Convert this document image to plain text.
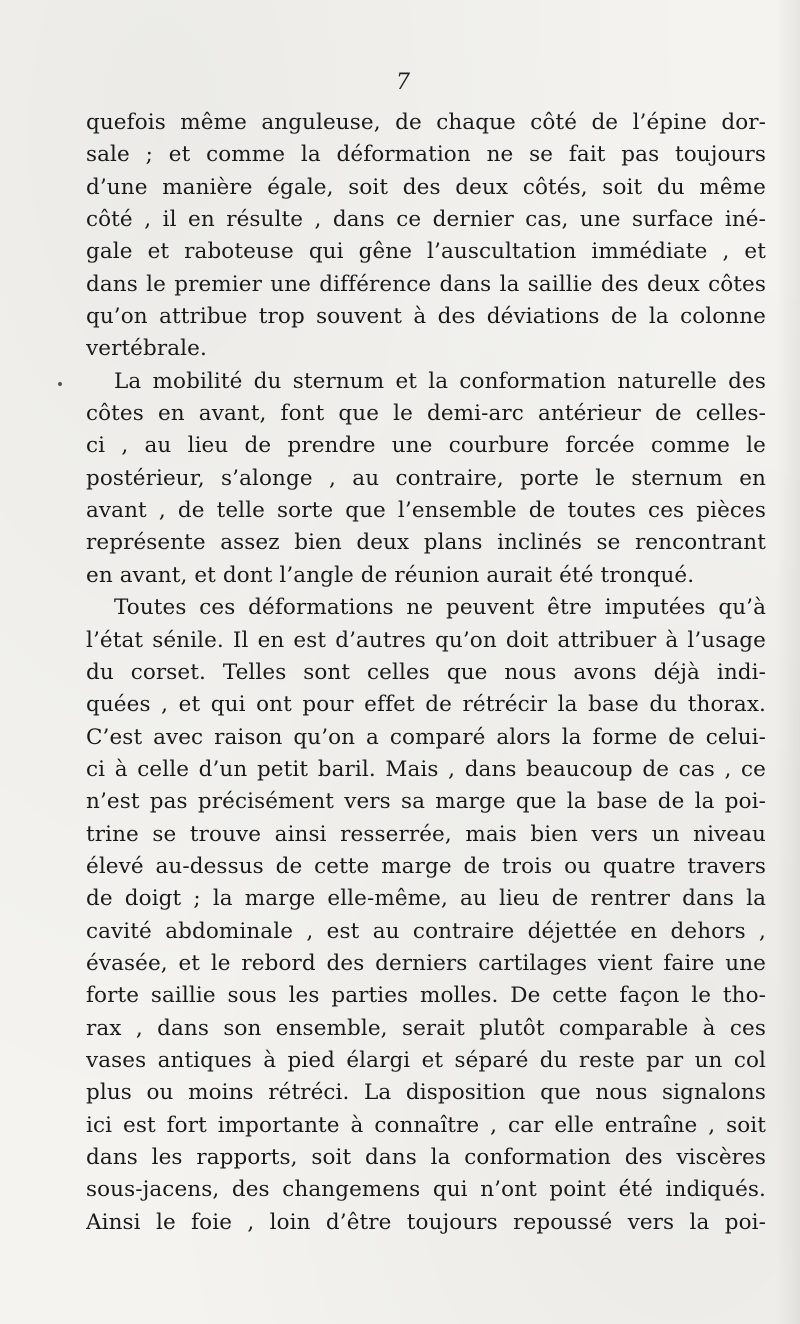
7
quefois même anguleuse, de chaque côté de l’épine dor-
sale ; et comme la déformation ne se fait pas toujours
d’une manière égale, soit des deux côtés, soit du même
côté , il en résulte , dans ce dernier cas, une surface iné-
gale et raboteuse qui gêne l’auscultation immédiate , et
dans le premier une différence dans la saillie des deux côtes
qu’on attribue trop souvent à des déviations de la colonne
vertébrale.
La mobilité du sternum et la conformation naturelle des
côtes en avant, font que le demi-arc antérieur de celles-
ci , au lieu de prendre une courbure forcée comme le
postérieur, s’alonge , au contraire, porte le sternum en
avant , de telle sorte que l’ensemble de toutes ces pièces
représente assez bien deux plans inclinés se rencontrant
en avant, et dont l’angle de réunion aurait été tronqué.
Toutes ces déformations ne peuvent être imputées qu’à
l’état sénile. Il en est d’autres qu’on doit attribuer à l’usage
du corset. Telles sont celles que nous avons déjà indi-
quées , et qui ont pour effet de rétrécir la base du thorax.
C’est avec raison qu’on a comparé alors la forme de celui-
ci à celle d’un petit baril. Mais , dans beaucoup de cas , ce
n’est pas précisément vers sa marge que la base de la poi-
trine se trouve ainsi resserrée, mais bien vers un niveau
élevé au-dessus de cette marge de trois ou quatre travers
de doigt ; la marge elle-même, au lieu de rentrer dans la
cavité abdominale , est au contraire déjettée en dehors ,
évasée, et le rebord des derniers cartilages vient faire une
forte saillie sous les parties molles. De cette façon le tho-
rax , dans son ensemble, serait plutôt comparable à ces
vases antiques à pied élargi et séparé du reste par un col
plus ou moins rétréci. La disposition que nous signalons
ici est fort importante à connaître , car elle entraîne , soit
dans les rapports, soit dans la conformation des viscères
sous-jacens, des changemens qui n’ont point été indiqués.
Ainsi le foie , loin d’être toujours repoussé vers la poi-
